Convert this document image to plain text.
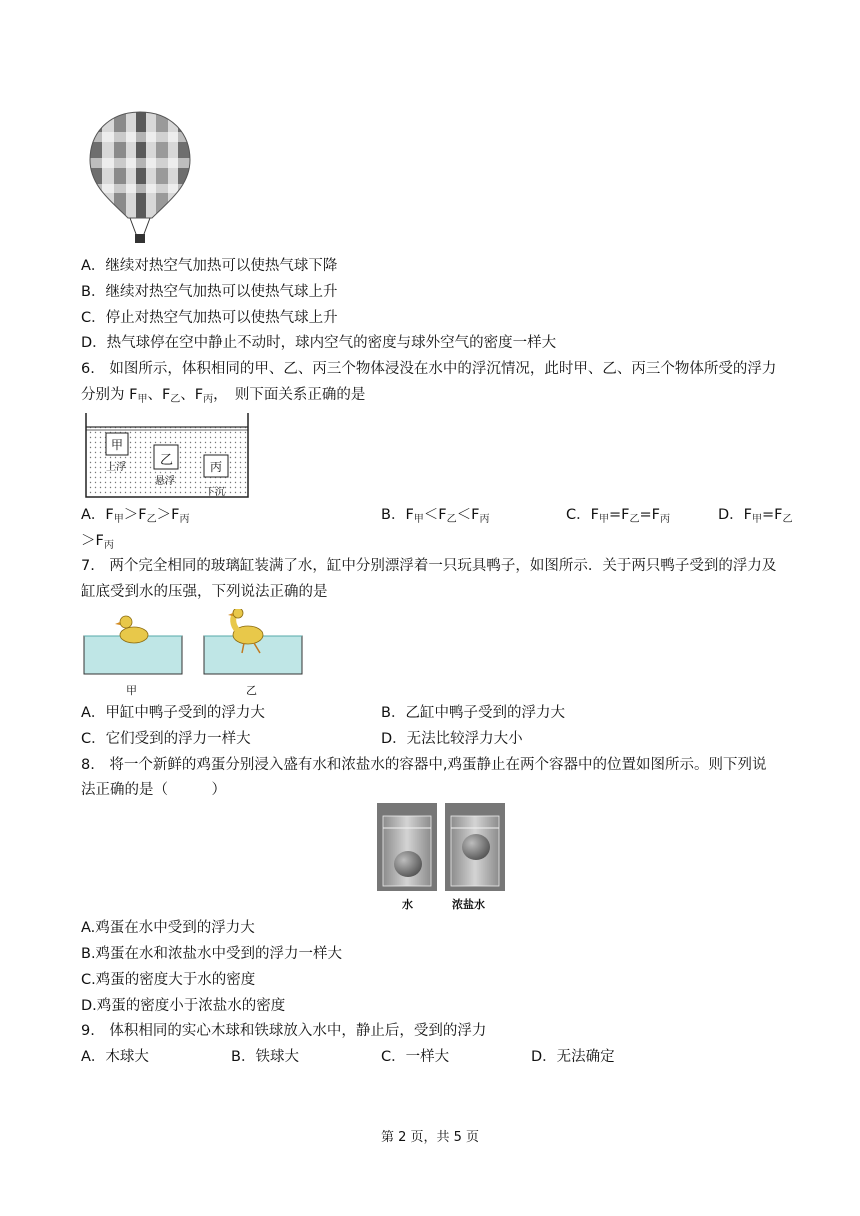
A．继续对热空气加热可以使热气球下降
B．继续对热空气加热可以使热气球上升
C．停止对热空气加热可以使热气球上升
D．热气球停在空中静止不动时，球内空气的密度与球外空气的密度一样大
6.　如图所示，体积相同的甲、乙、丙三个物体浸没在水中的浮沉情况，此时甲、乙、丙三个物体所受的浮力
分别为 $F_甲$、$F_乙$、$F_丙$，　则下面关系正确的是
甲
上浮	乙
悬浮
丙
下沉
A．$F_甲>F_乙>F_丙$	B．$F_甲<F_乙<F_丙$	C．$F_甲=F_乙=F_丙$	D．$F_甲=F_乙$
$>F_丙$
7.　两个完全相同的玻璃缸装满了水，缸中分别漂浮着一只玩具鸭子，如图所示．关于两只鸭子受到的浮力及
缸底受到水的压强，下列说法正确的是
甲	乙
A．甲缸中鸭子受到的浮力大	B．乙缸中鸭子受到的浮力大
C．它们受到的浮力一样大	D．无法比较浮力大小
8.　将一个新鲜的鸡蛋分别浸入盛有水和浓盐水的容器中,鸡蛋静止在两个容器中的位置如图所示。则下列说
法正确的是（　　　）
水	浓盐水
A.鸡蛋在水中受到的浮力大
B.鸡蛋在水和浓盐水中受到的浮力一样大
C.鸡蛋的密度大于水的密度
D.鸡蛋的密度小于浓盐水的密度
9.　体积相同的实心木球和铁球放入水中，静止后，受到的浮力
A．木球大	B．铁球大	C．一样大	D．无法确定
第 2 页，共 5 页
